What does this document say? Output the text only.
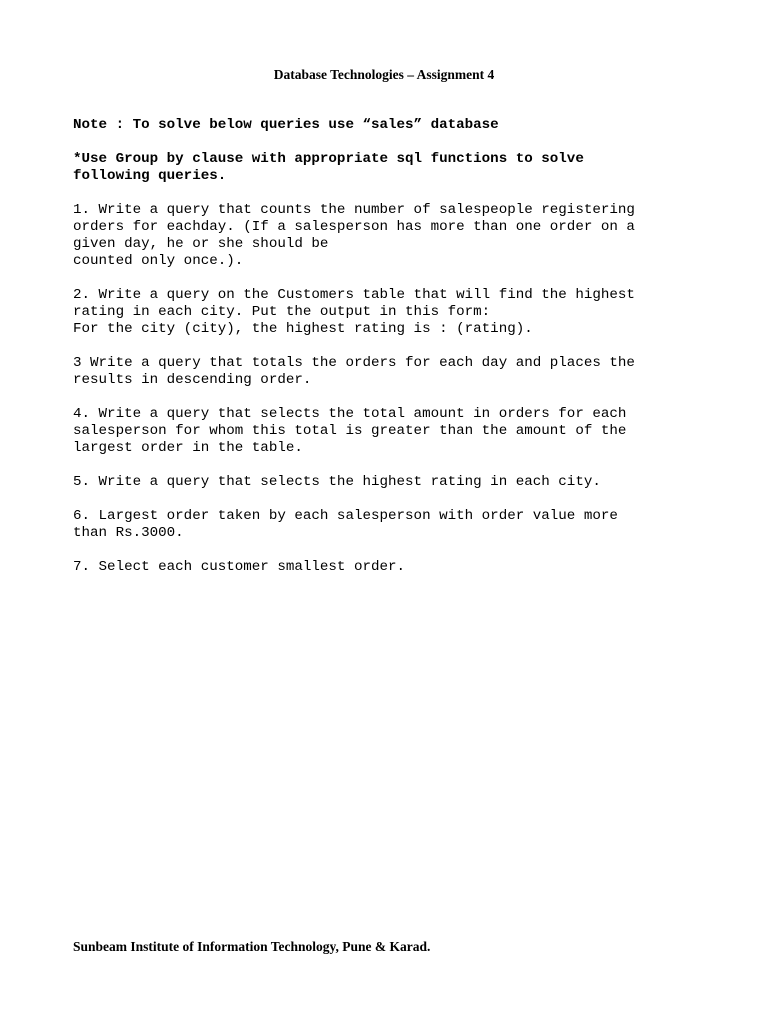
Database Technologies – Assignment 4
Note : To solve below queries use “sales” database
*Use Group by clause with appropriate sql functions to solve
following queries.
1. Write a query that counts the number of salespeople registering
orders for eachday. (If a salesperson has more than one order on a
given day, he or she should be
counted only once.).
2. Write a query on the Customers table that will find the highest
rating in each city. Put the output in this form:
For the city (city), the highest rating is : (rating).
3 Write a query that totals the orders for each day and places the
results in descending order.
4. Write a query that selects the total amount in orders for each
salesperson for whom this total is greater than the amount of the
largest order in the table.
5. Write a query that selects the highest rating in each city.
6. Largest order taken by each salesperson with order value more
than Rs.3000.
7. Select each customer smallest order.
Sunbeam Institute of Information Technology, Pune & Karad.
